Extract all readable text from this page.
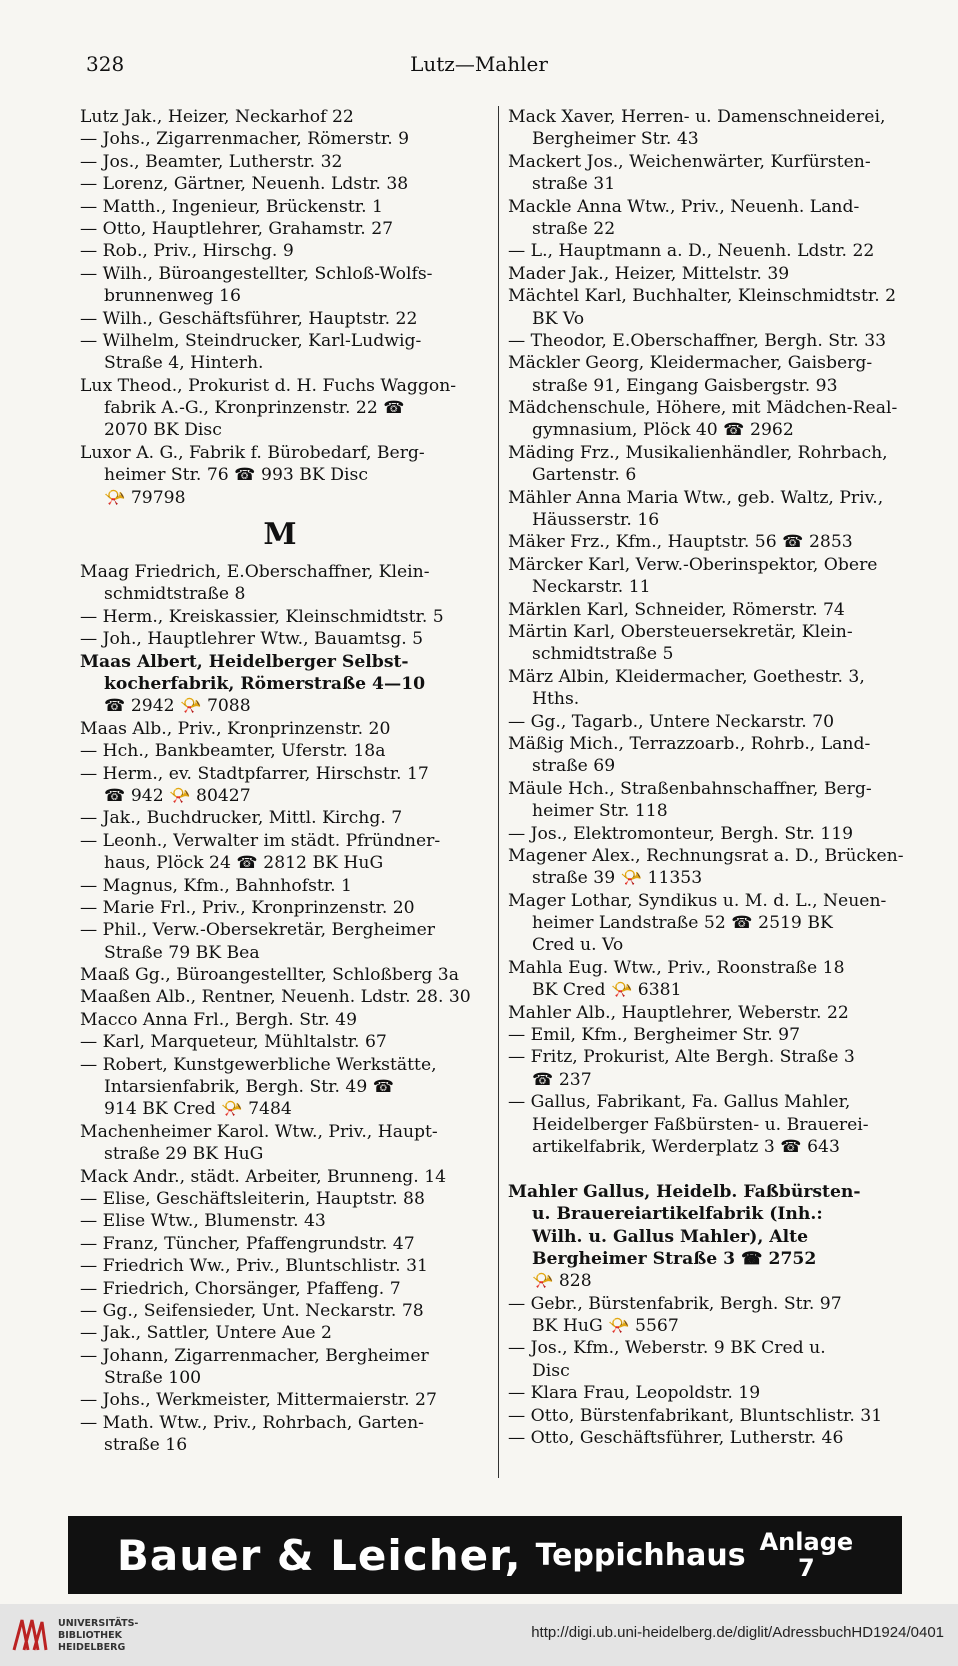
328	Lutz—Mahler
Lutz Jak., Heizer, Neckarhof 22
— Johs., Zigarrenmacher, Römerstr. 9
— Jos., Beamter, Lutherstr. 32
— Lorenz, Gärtner, Neuenh. Ldstr. 38
— Matth., Ingenieur, Brückenstr. 1
— Otto, Hauptlehrer, Grahamstr. 27
— Rob., Priv., Hirschg. 9
— Wilh., Büroangestellter, Schloß-Wolfs-
brunnenweg 16
— Wilh., Geschäftsführer, Hauptstr. 22
— Wilhelm, Steindrucker, Karl-Ludwig-
Straße 4, Hinterh.
Lux Theod., Prokurist d. H. Fuchs Waggon-
fabrik A.-G., Kronprinzenstr. 22 ☎
2070 BK Disc
Luxor A. G., Fabrik f. Bürobedarf, Berg-
heimer Str. 76 ☎ 993 BK Disc
📯 79798
M
Maag Friedrich, E.Oberschaffner, Klein-
schmidtstraße 8
— Herm., Kreiskassier, Kleinschmidtstr. 5
— Joh., Hauptlehrer Wtw., Bauamtsg. 5
Maas Albert, Heidelberger Selbst-
kocherfabrik, Römerstraße 4—10
☎ 2942 📯 7088
Maas Alb., Priv., Kronprinzenstr. 20
— Hch., Bankbeamter, Uferstr. 18a
— Herm., ev. Stadtpfarrer, Hirschstr. 17
☎ 942 📯 80427
— Jak., Buchdrucker, Mittl. Kirchg. 7
— Leonh., Verwalter im städt. Pfründner-
haus, Plöck 24 ☎ 2812 BK HuG
— Magnus, Kfm., Bahnhofstr. 1
— Marie Frl., Priv., Kronprinzenstr. 20
— Phil., Verw.-Obersekretär, Bergheimer
Straße 79 BK Bea
Maaß Gg., Büroangestellter, Schloßberg 3a
Maaßen Alb., Rentner, Neuenh. Ldstr. 28. 30
Macco Anna Frl., Bergh. Str. 49
— Karl, Marqueteur, Mühltalstr. 67
— Robert, Kunstgewerbliche Werkstätte,
Intarsienfabrik, Bergh. Str. 49 ☎
914 BK Cred 📯 7484
Machenheimer Karol. Wtw., Priv., Haupt-
straße 29 BK HuG
Mack Andr., städt. Arbeiter, Brunneng. 14
— Elise, Geschäftsleiterin, Hauptstr. 88
— Elise Wtw., Blumenstr. 43
— Franz, Tüncher, Pfaffengrundstr. 47
— Friedrich Ww., Priv., Bluntschlistr. 31
— Friedrich, Chorsänger, Pfaffeng. 7
— Gg., Seifensieder, Unt. Neckarstr. 78
— Jak., Sattler, Untere Aue 2
— Johann, Zigarrenmacher, Bergheimer
Straße 100
— Johs., Werkmeister, Mittermaierstr. 27
— Math. Wtw., Priv., Rohrbach, Garten-
straße 16
Mack Xaver, Herren- u. Damenschneiderei,
Bergheimer Str. 43
Mackert Jos., Weichenwärter, Kurfürsten-
straße 31
Mackle Anna Wtw., Priv., Neuenh. Land-
straße 22
— L., Hauptmann a. D., Neuenh. Ldstr. 22
Mader Jak., Heizer, Mittelstr. 39
Mächtel Karl, Buchhalter, Kleinschmidtstr. 2
BK Vo
— Theodor, E.Oberschaffner, Bergh. Str. 33
Mäckler Georg, Kleidermacher, Gaisberg-
straße 91, Eingang Gaisbergstr. 93
Mädchenschule, Höhere, mit Mädchen-Real-
gymnasium, Plöck 40 ☎ 2962
Mäding Frz., Musikalienhändler, Rohrbach,
Gartenstr. 6
Mähler Anna Maria Wtw., geb. Waltz, Priv.,
Häusserstr. 16
Mäker Frz., Kfm., Hauptstr. 56 ☎ 2853
Märcker Karl, Verw.-Oberinspektor, Obere
Neckarstr. 11
Märklen Karl, Schneider, Römerstr. 74
Märtin Karl, Obersteuersekretär, Klein-
schmidtstraße 5
März Albin, Kleidermacher, Goethestr. 3,
Hths.
— Gg., Tagarb., Untere Neckarstr. 70
Mäßig Mich., Terrazzoarb., Rohrb., Land-
straße 69
Mäule Hch., Straßenbahnschaffner, Berg-
heimer Str. 118
— Jos., Elektromonteur, Bergh. Str. 119
Magener Alex., Rechnungsrat a. D., Brücken-
straße 39 📯 11353
Mager Lothar, Syndikus u. M. d. L., Neuen-
heimer Landstraße 52 ☎ 2519 BK
Cred u. Vo
Mahla Eug. Wtw., Priv., Roonstraße 18
BK Cred 📯 6381
Mahler Alb., Hauptlehrer, Weberstr. 22
— Emil, Kfm., Bergheimer Str. 97
— Fritz, Prokurist, Alte Bergh. Straße 3
☎ 237
— Gallus, Fabrikant, Fa. Gallus Mahler,
Heidelberger Faßbürsten- u. Brauerei-
artikelfabrik, Werderplatz 3 ☎ 643
Mahler Gallus, Heidelb. Faßbürsten-
u. Brauereiartikelfabrik (Inh.:
Wilh. u. Gallus Mahler), Alte
Bergheimer Straße 3 ☎ 2752
📯 828
— Gebr., Bürstenfabrik, Bergh. Str. 97
BK HuG 📯 5567
— Jos., Kfm., Weberstr. 9 BK Cred u.
Disc
— Klara Frau, Leopoldstr. 19
— Otto, Bürstenfabrikant, Bluntschlistr. 31
— Otto, Geschäftsführer, Lutherstr. 46
Bauer & Leicher, Teppichhaus Anlage
7
UNIVERSITÄTS-
BIBLIOTHEK
HEIDELBERG
http://digi.ub.uni-heidelberg.de/diglit/AdressbuchHD1924/0401
